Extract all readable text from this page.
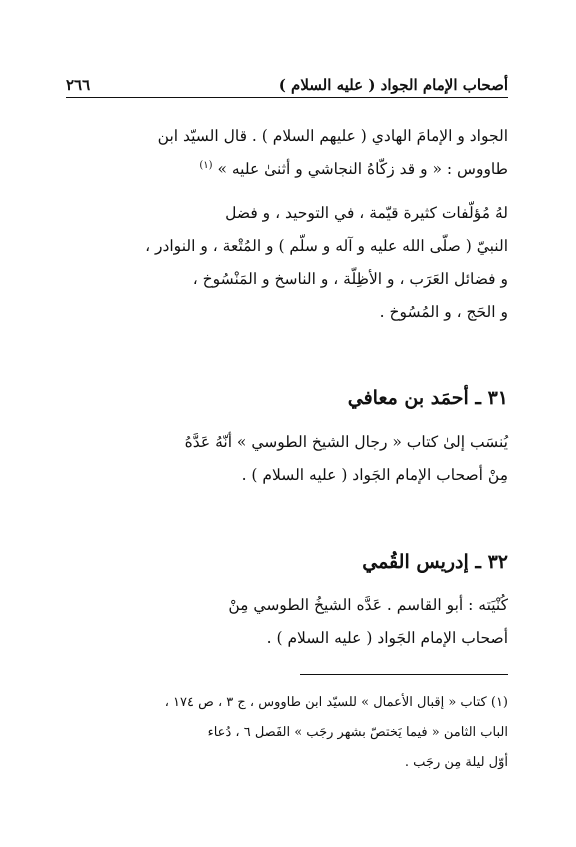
أصحاب الإمام الجواد ( عليه السلام )
٢٦٦
الجواد و الإمامَ الهادي ( عليهم السلام ) . قال السيّد ابن
طاووس : « و قد زكّاهُ النجاشي و أثنىٰ عليه » $^{(١)}$
لهُ مُؤلّفات كثيرة قيّمة ، في التوحيد ، و فضل
النبيّ ( صلّى الله عليه و آله و سلّم ) و المُتْعة ، و النوادر ،
و فضائل العَرَب ، و الأظِلّة ، و الناسخ و المَنْسُوخ ،
و الحَج ، و المُسُوخ .
٣١ ـ أحمَد بن معافي
يُنسَب إلىٰ كتاب « رجال الشيخ الطوسي » أنّهُ عَدَّهُ
مِنْ أصحاب الإمام الجَواد ( عليه السلام ) .
٣٢ ـ إدريس القُمي
كُنْيَته : أبو القاسم . عَدَّه الشيخُ الطوسي مِنْ
أصحاب الإمام الجَواد ( عليه السلام ) .
(١) كتاب « إقبال الأعمال » للسيّد ابن طاووس ، ج ٣ ، ص ١٧٤ ،
الباب الثامن « فيما يَختصّ بشهر رجَب » الفَصل ٦ ، دُعاء
أوّل ليلة مِن رجَب .
